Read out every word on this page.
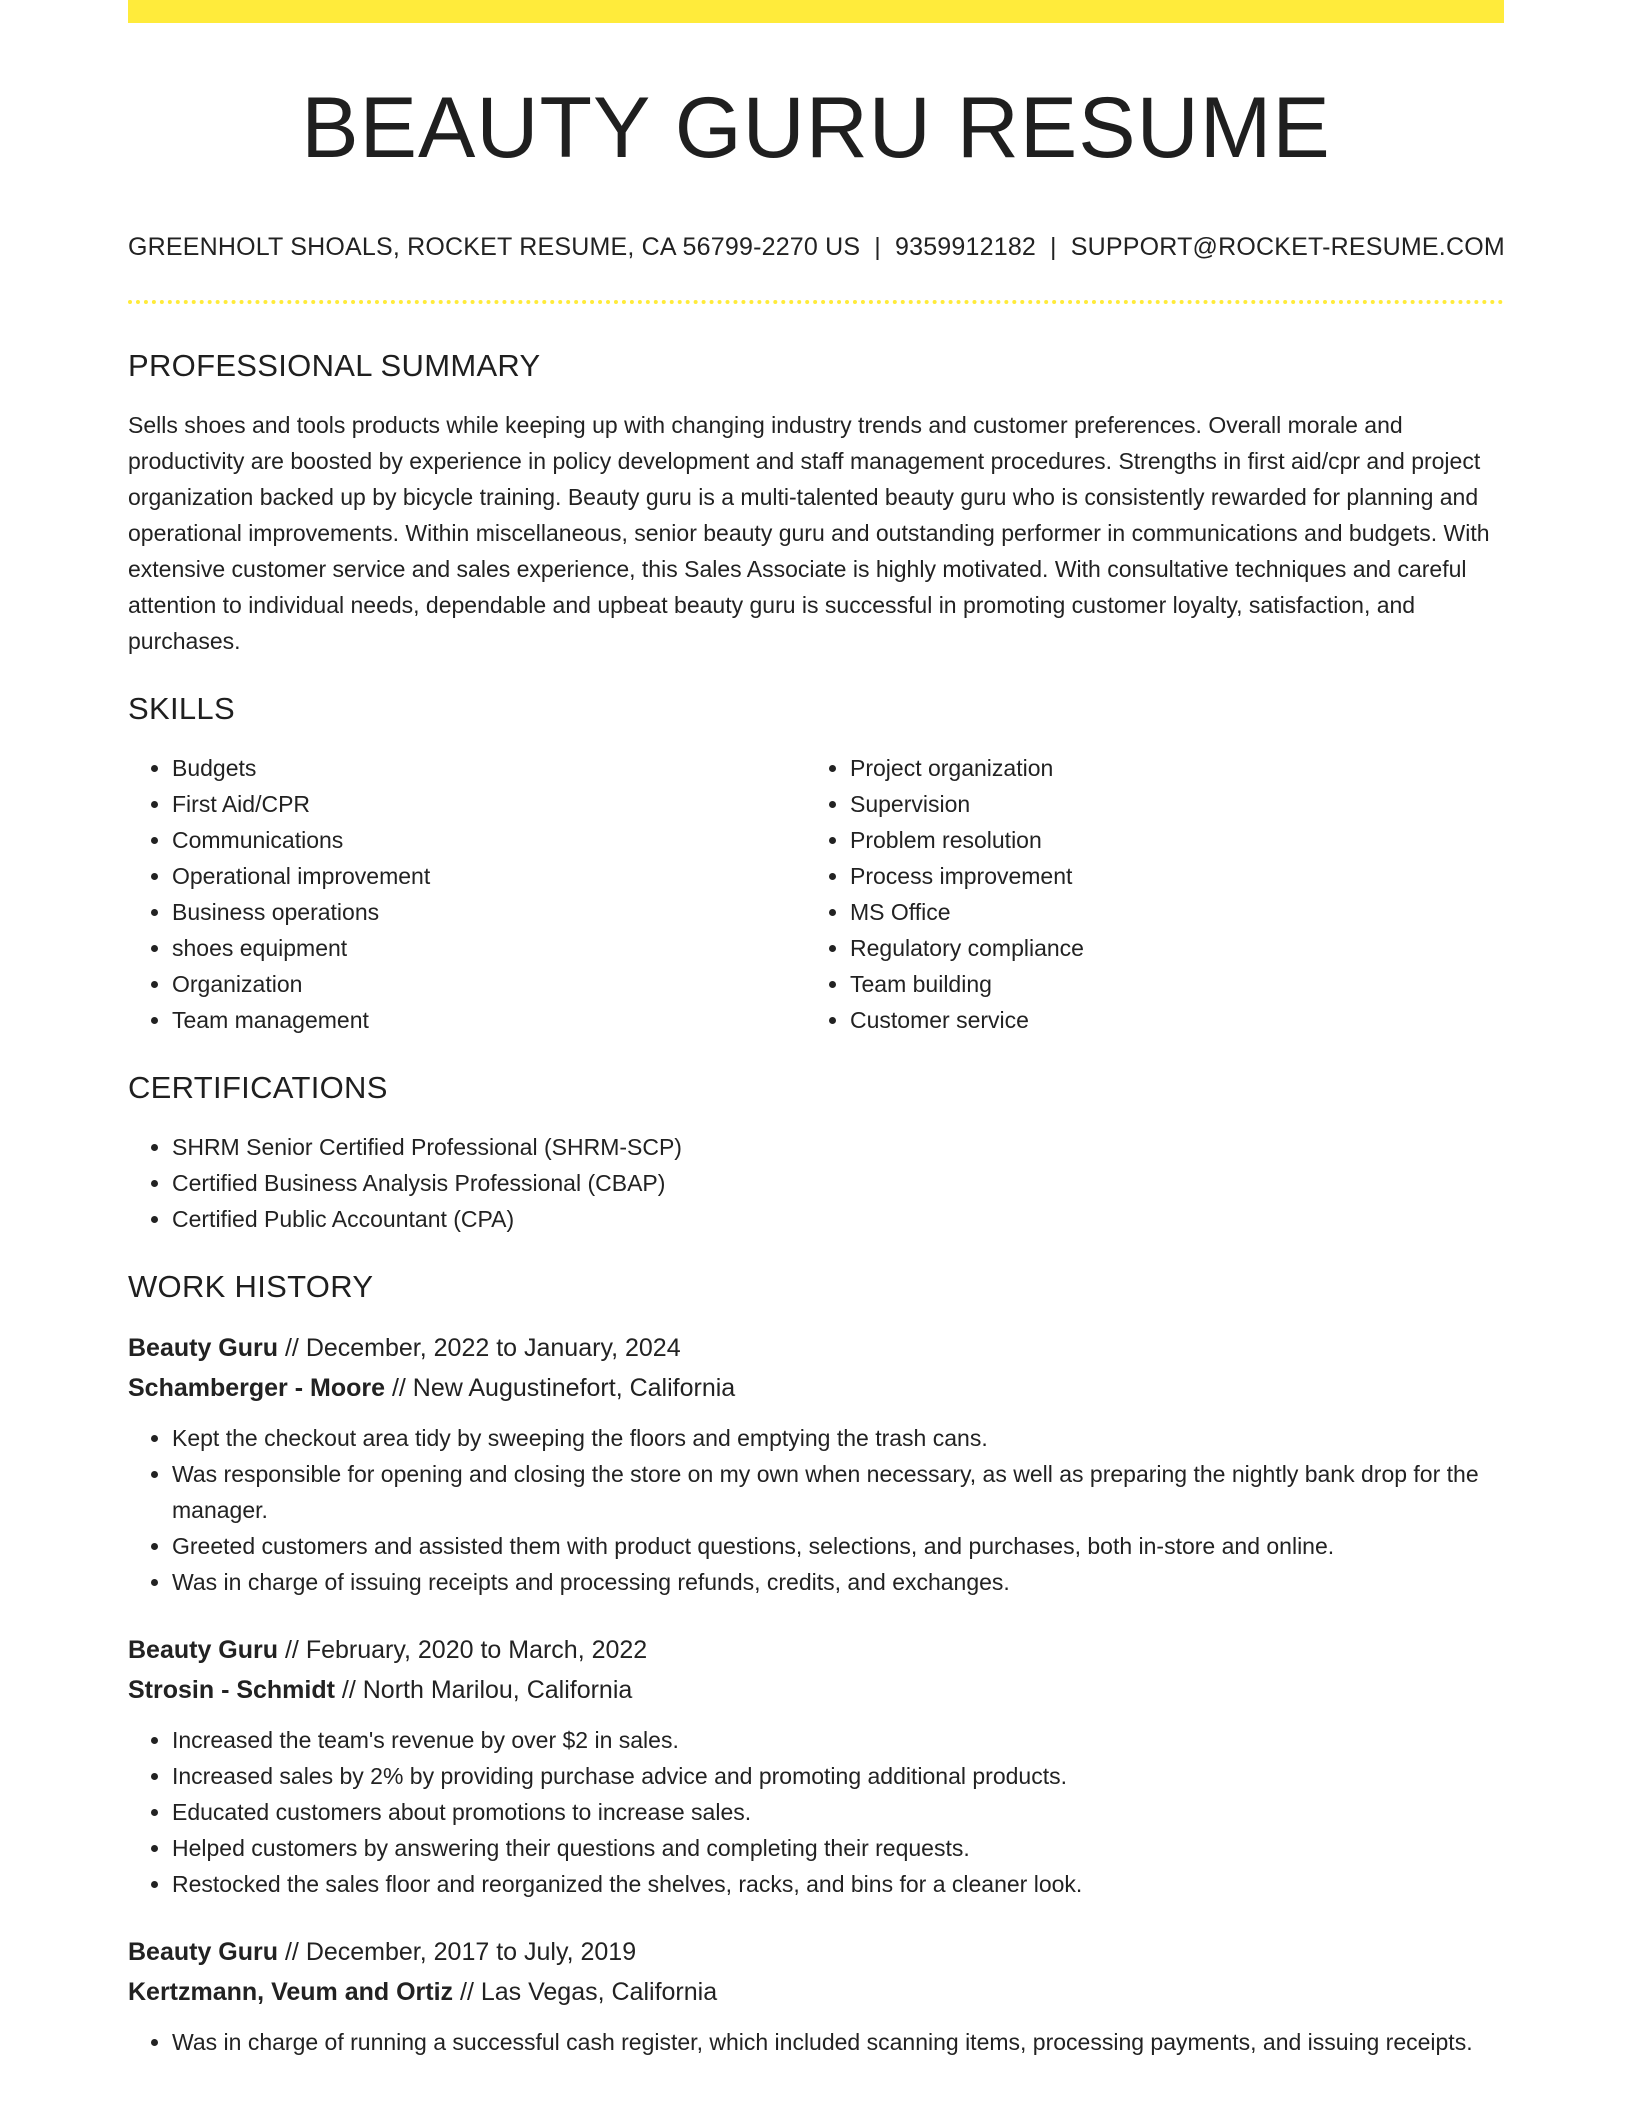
BEAUTY GURU RESUME
GREENHOLT SHOALS, ROCKET RESUME, CA 56799-2270 US | 9359912182 | SUPPORT@ROCKET-RESUME.COM
PROFESSIONAL SUMMARY

Sells shoes and tools products while keeping up with changing industry trends and customer preferences. Overall morale and productivity are boosted by experience in policy development and staff management procedures. Strengths in first aid/cpr and project organization backed up by bicycle training. Beauty guru is a multi-talented beauty guru who is consistently rewarded for planning and operational improvements. Within miscellaneous, senior beauty guru and outstanding performer in communications and budgets. With extensive customer service and sales experience, this Sales Associate is highly motivated. With consultative techniques and careful attention to individual needs, dependable and upbeat beauty guru is successful in promoting customer loyalty, satisfaction, and purchases.

SKILLS
• Budgets
• First Aid/CPR
• Communications
• Operational improvement
• Business operations
• shoes equipment
• Organization
• Team management
• Project organization
• Supervision
• Problem resolution
• Process improvement
• MS Office
• Regulatory compliance
• Team building
• Customer service
CERTIFICATIONS
• SHRM Senior Certified Professional (SHRM-SCP)
• Certified Business Analysis Professional (CBAP)
• Certified Public Accountant (CPA)
WORK HISTORY
Beauty Guru // December, 2022 to January, 2024
Schamberger - Moore // New Augustinefort, California
• Kept the checkout area tidy by sweeping the floors and emptying the trash cans.
• Was responsible for opening and closing the store on my own when necessary, as well as preparing the nightly bank drop for the manager.
• Greeted customers and assisted them with product questions, selections, and purchases, both in-store and online.
• Was in charge of issuing receipts and processing refunds, credits, and exchanges.
Beauty Guru // February, 2020 to March, 2022
Strosin - Schmidt // North Marilou, California
• Increased the team's revenue by over $2 in sales.
• Increased sales by 2% by providing purchase advice and promoting additional products.
• Educated customers about promotions to increase sales.
• Helped customers by answering their questions and completing their requests.
• Restocked the sales floor and reorganized the shelves, racks, and bins for a cleaner look.
Beauty Guru // December, 2017 to July, 2019
Kertzmann, Veum and Ortiz // Las Vegas, California
• Was in charge of running a successful cash register, which included scanning items, processing payments, and issuing receipts.
